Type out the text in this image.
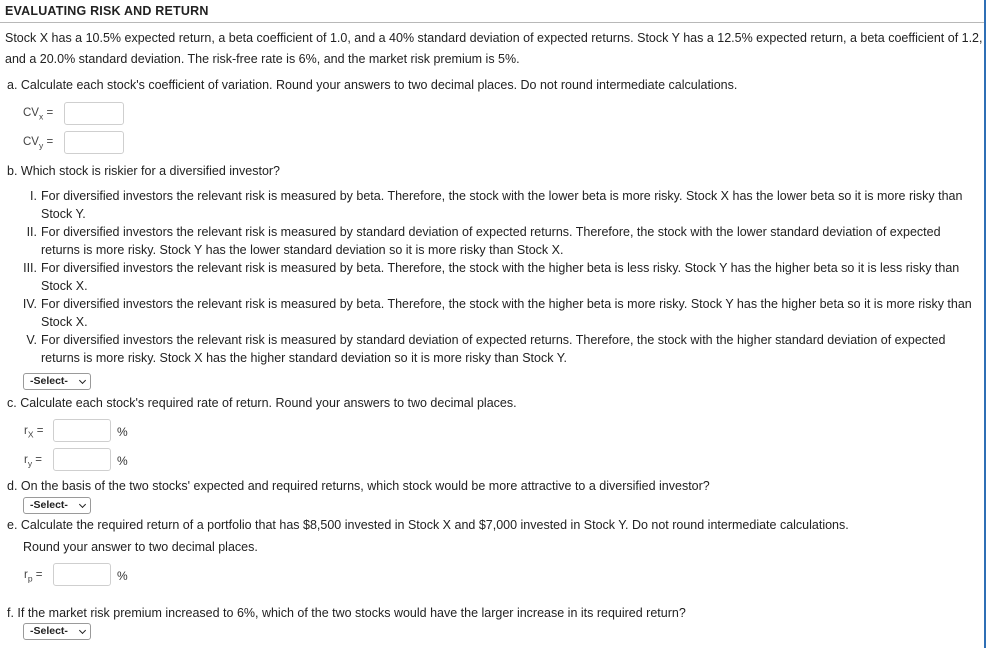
EVALUATING RISK AND RETURN
Stock X has a 10.5% expected return, a beta coefficient of 1.0, and a 40% standard deviation of expected returns. Stock Y has a 12.5% expected return, a beta coefficient of 1.2, and a 20.0% standard deviation. The risk-free rate is 6%, and the market risk premium is 5%.
a. Calculate each stock's coefficient of variation. Round your answers to two decimal places. Do not round intermediate calculations.
$CV_x$ =
$CV_y$ =
b. Which stock is riskier for a diversified investor?
I. For diversified investors the relevant risk is measured by beta. Therefore, the stock with the lower beta is more risky. Stock X has the lower beta so it is more risky than Stock Y.
II. For diversified investors the relevant risk is measured by standard deviation of expected returns. Therefore, the stock with the lower standard deviation of expected returns is more risky. Stock Y has the lower standard deviation so it is more risky than Stock X.
III. For diversified investors the relevant risk is measured by beta. Therefore, the stock with the higher beta is less risky. Stock Y has the higher beta so it is less risky than Stock X.
IV. For diversified investors the relevant risk is measured by beta. Therefore, the stock with the higher beta is more risky. Stock Y has the higher beta so it is more risky than Stock X.
V. For diversified investors the relevant risk is measured by standard deviation of expected returns. Therefore, the stock with the higher standard deviation of expected returns is more risky. Stock X has the higher standard deviation so it is more risky than Stock Y.
-Select-
c. Calculate each stock's required rate of return. Round your answers to two decimal places.
$r_X$ =	%
$r_y$ =	%
d. On the basis of the two stocks' expected and required returns, which stock would be more attractive to a diversified investor?
-Select-
e. Calculate the required return of a portfolio that has $8,500 invested in Stock X and $7,000 invested in Stock Y. Do not round intermediate calculations.
Round your answer to two decimal places.
$r_p$ =	%
f. If the market risk premium increased to 6%, which of the two stocks would have the larger increase in its required return?
-Select-
